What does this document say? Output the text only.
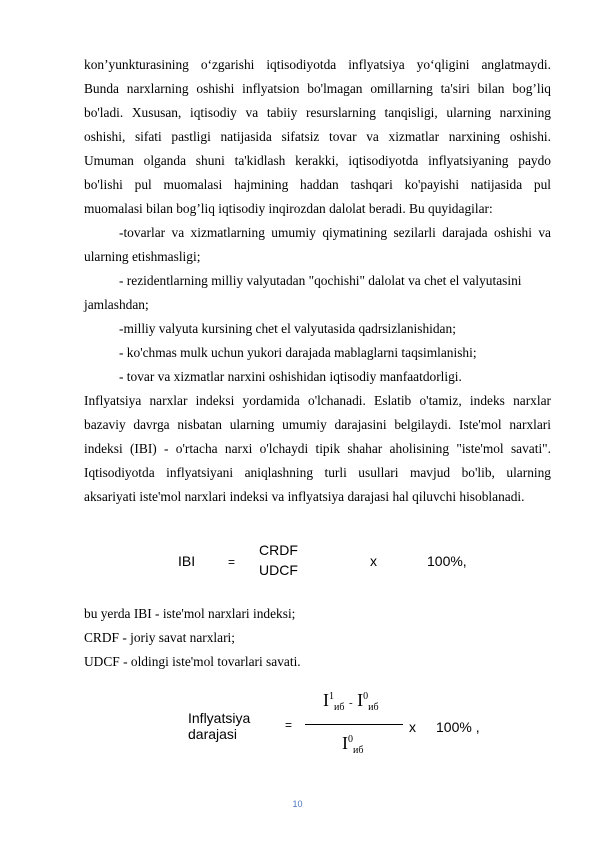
kon’yunkturasining o‘zgarishi iqtisodiyotda inflyatsiya yo‘qligini anglatmaydi.
Bunda narxlarning oshishi inflyatsion bo'lmagan omillarning ta'siri bilan bog’liq
bo'ladi. Xususan, iqtisodiy va tabiiy resurslarning tanqisligi, ularning narxining
oshishi, sifati pastligi natijasida sifatsiz tovar va xizmatlar narxining oshishi.
Umuman olganda shuni ta'kidlash kerakki, iqtisodiyotda inflyatsiyaning paydo
bo'lishi pul muomalasi hajmining haddan tashqari ko'payishi natijasida pul
muomalasi bilan bog’liq iqtisodiy inqirozdan dalolat beradi. Bu quyidagilar:
-tovarlar va xizmatlarning umumiy qiymatining sezilarli darajada oshishi va
ularning etishmasligi;
- rezidentlarning milliy valyutadan "qochishi" dalolat va chet el valyutasini
jamlashdan;
-milliy valyuta kursining chet el valyutasida qadrsizlanishidan;
- ko'chmas mulk uchun yukori darajada mablaglarni taqsimlanishi;
- tovar va xizmatlar narxini oshishidan iqtisodiy manfaatdorligi.
Inflyatsiya narxlar indeksi yordamida o'lchanadi. Eslatib o'tamiz, indeks narxlar
bazaviy davrga nisbatan ularning umumiy darajasini belgilaydi. Iste'mol narxlari
indeksi (IBI) - o'rtacha narxi o'lchaydi tipik shahar aholisining "iste'mol savati".
Iqtisodiyotda inflyatsiyani aniqlashning turli usullari mavjud bo'lib, ularning
aksariyati iste'mol narxlari indeksi va inflyatsiya darajasi hal qiluvchi hisoblanadi.
IBI	=
CRDF
UDCF
x	100%,
bu yerda IBI - iste'mol narxlari indeksi;
CRDF - joriy savat narxlari;
UDCF - oldingi iste'mol tovarlari savati.
Inflyatsiya
darajasi
=
$I^1_{иб} - I^0_{иб}$
$I^0_{иб}$
x 100% ,
10
